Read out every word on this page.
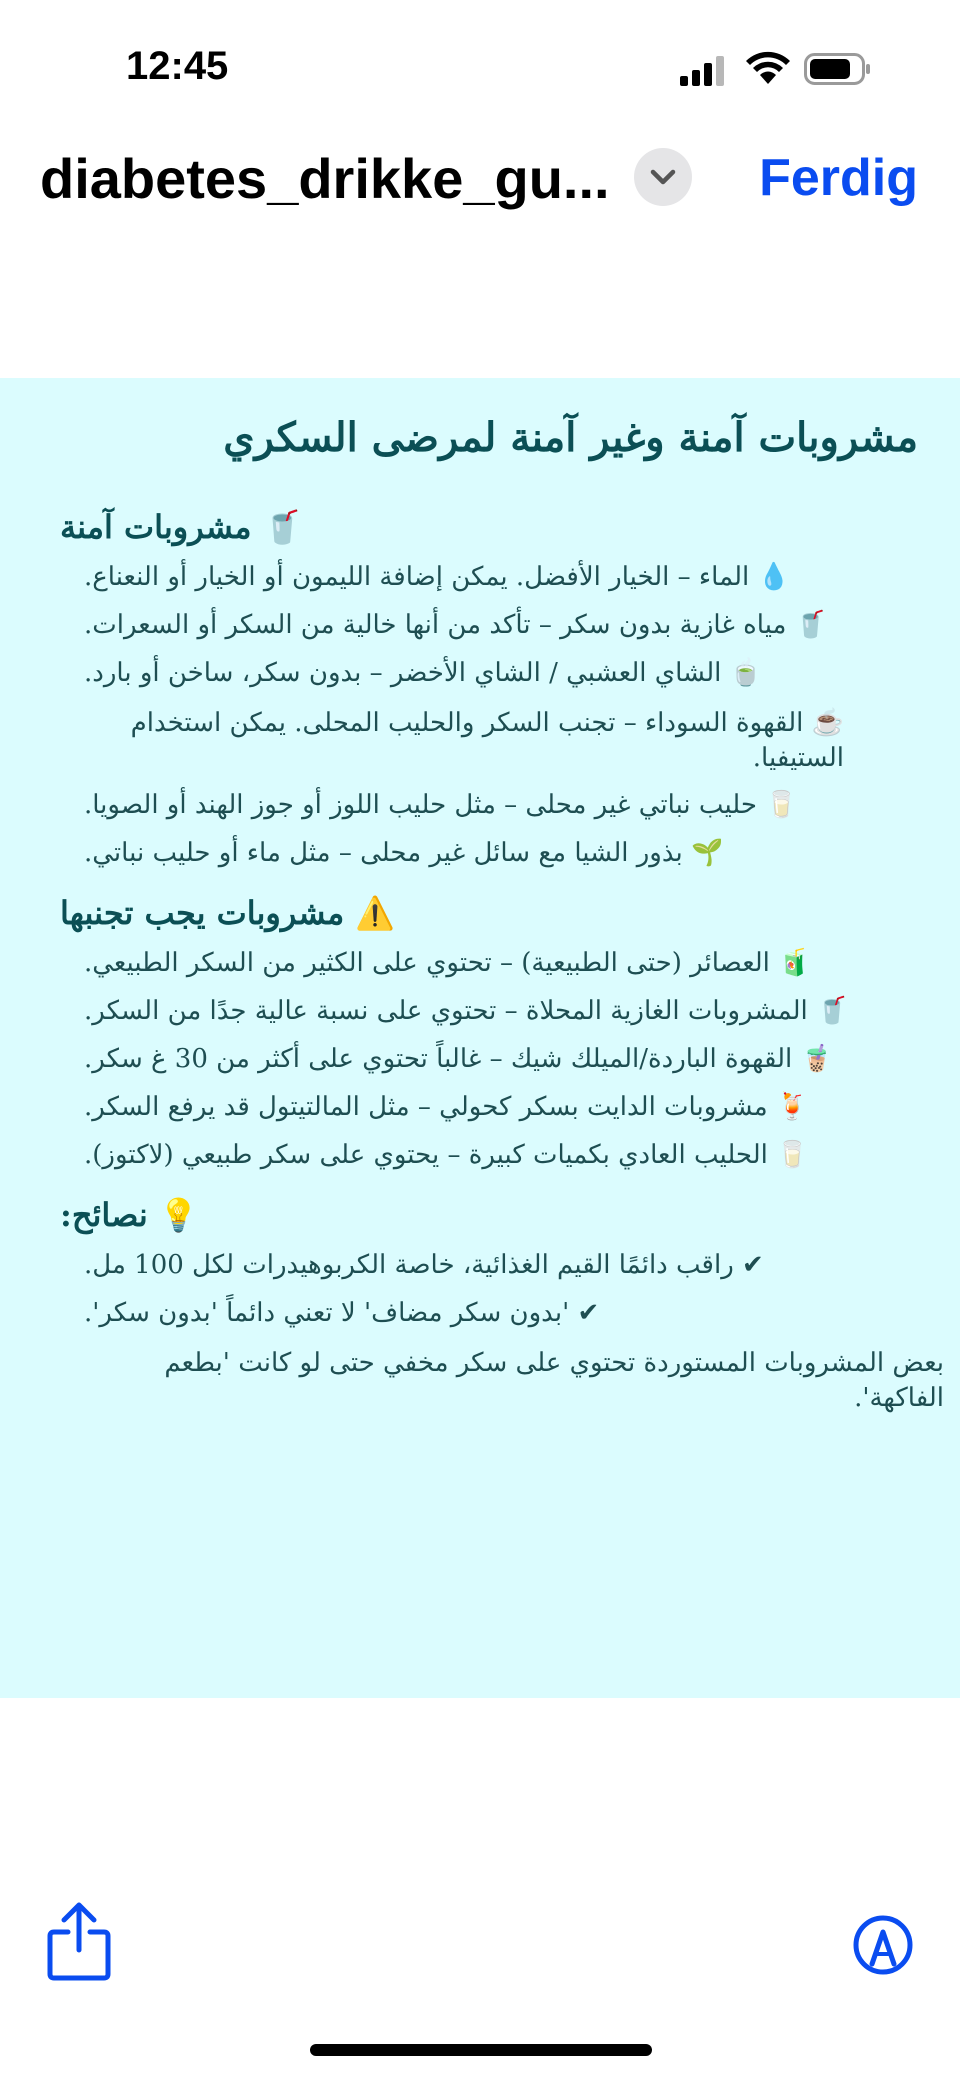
12:45
diabetes_drikke_gu...	Ferdig
مشروبات آمنة وغير آمنة لمرضى السكري
🥤 مشروبات آمنة
💧 الماء – الخيار الأفضل. يمكن إضافة الليمون أو الخيار أو النعناع.
🥤 مياه غازية بدون سكر – تأكد من أنها خالية من السكر أو السعرات.
🍵 الشاي العشبي / الشاي الأخضر – بدون سكر، ساخن أو بارد.
☕ القهوة السوداء – تجنب السكر والحليب المحلى. يمكن استخدام الستيفيا.
🥛 حليب نباتي غير محلى – مثل حليب اللوز أو جوز الهند أو الصويا.
🌱 بذور الشيا مع سائل غير محلى – مثل ماء أو حليب نباتي.
⚠️ مشروبات يجب تجنبها
🧃 العصائر (حتى الطبيعية) – تحتوي على الكثير من السكر الطبيعي.
🥤 المشروبات الغازية المحلاة – تحتوي على نسبة عالية جدًا من السكر.
🧋 القهوة الباردة/الميلك شيك – غالباً تحتوي على أكثر من 30 غ سكر.
🍹 مشروبات الدايت بسكر كحولي – مثل المالتيتول قد يرفع السكر.
🥛 الحليب العادي بكميات كبيرة – يحتوي على سكر طبيعي (لاكتوز).
💡 نصائح:
✔ راقب دائمًا القيم الغذائية، خاصة الكربوهيدرات لكل 100 مل.
✔ 'بدون سكر مضاف' لا تعني دائماً 'بدون سكر'.
بعض المشروبات المستوردة تحتوي على سكر مخفي حتى لو كانت 'بطعم الفاكهة'.
